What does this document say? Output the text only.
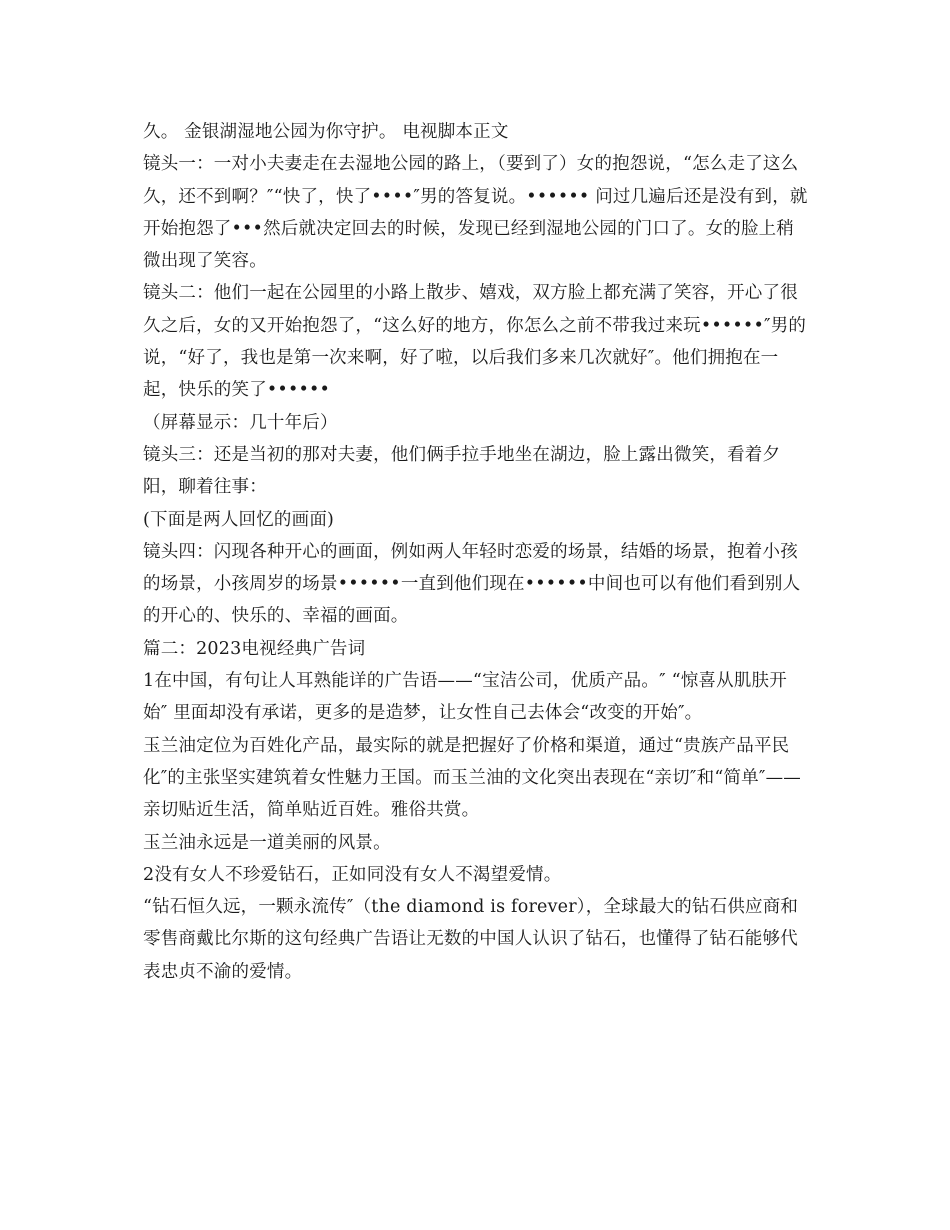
久。 金银湖湿地公园为你守护。 电视脚本正文

镜头一：一对小夫妻走在去湿地公园的路上，（要到了）女的抱怨说，“怎么走了这么久，还不到啊？″“快了，快了••••″男的答复说。•••••• 问过几遍后还是没有到，就开始抱怨了•••然后就决定回去的时候，发现已经到湿地公园的门口了。女的脸上稍微出现了笑容。

镜头二：他们一起在公园里的小路上散步、嬉戏，双方脸上都充满了笑容，开心了很久之后，女的又开始抱怨了，“这么好的地方，你怎么之前不带我过来玩••••••″男的说，“好了，我也是第一次来啊，好了啦，以后我们多来几次就好″。他们拥抱在一起，快乐的笑了••••••

（屏幕显示：几十年后）

镜头三：还是当初的那对夫妻，他们俩手拉手地坐在湖边，脸上露出微笑，看着夕阳，聊着往事：

(下面是两人回忆的画面)

镜头四：闪现各种开心的画面，例如两人年轻时恋爱的场景，结婚的场景，抱着小孩的场景，小孩周岁的场景••••••一直到他们现在••••••中间也可以有他们看到别人的开心的、快乐的、幸福的画面。

篇二：2023电视经典广告词

1在中国，有句让人耳熟能详的广告语——“宝洁公司，优质产品。″ “惊喜从肌肤开始″ 里面却没有承诺，更多的是造梦，让女性自己去体会“改变的开始″。

玉兰油定位为百姓化产品，最实际的就是把握好了价格和渠道，通过“贵族产品平民化″的主张坚实建筑着女性魅力王国。而玉兰油的文化突出表现在“亲切″和“简单″——亲切贴近生活，简单贴近百姓。雅俗共赏。

玉兰油永远是一道美丽的风景。

2没有女人不珍爱钻石，正如同没有女人不渴望爱情。

“钻石恒久远，一颗永流传″（the diamond is forever），全球最大的钻石供应商和零售商戴比尔斯的这句经典广告语让无数的中国人认识了钻石，也懂得了钻石能够代表忠贞不渝的爱情。
